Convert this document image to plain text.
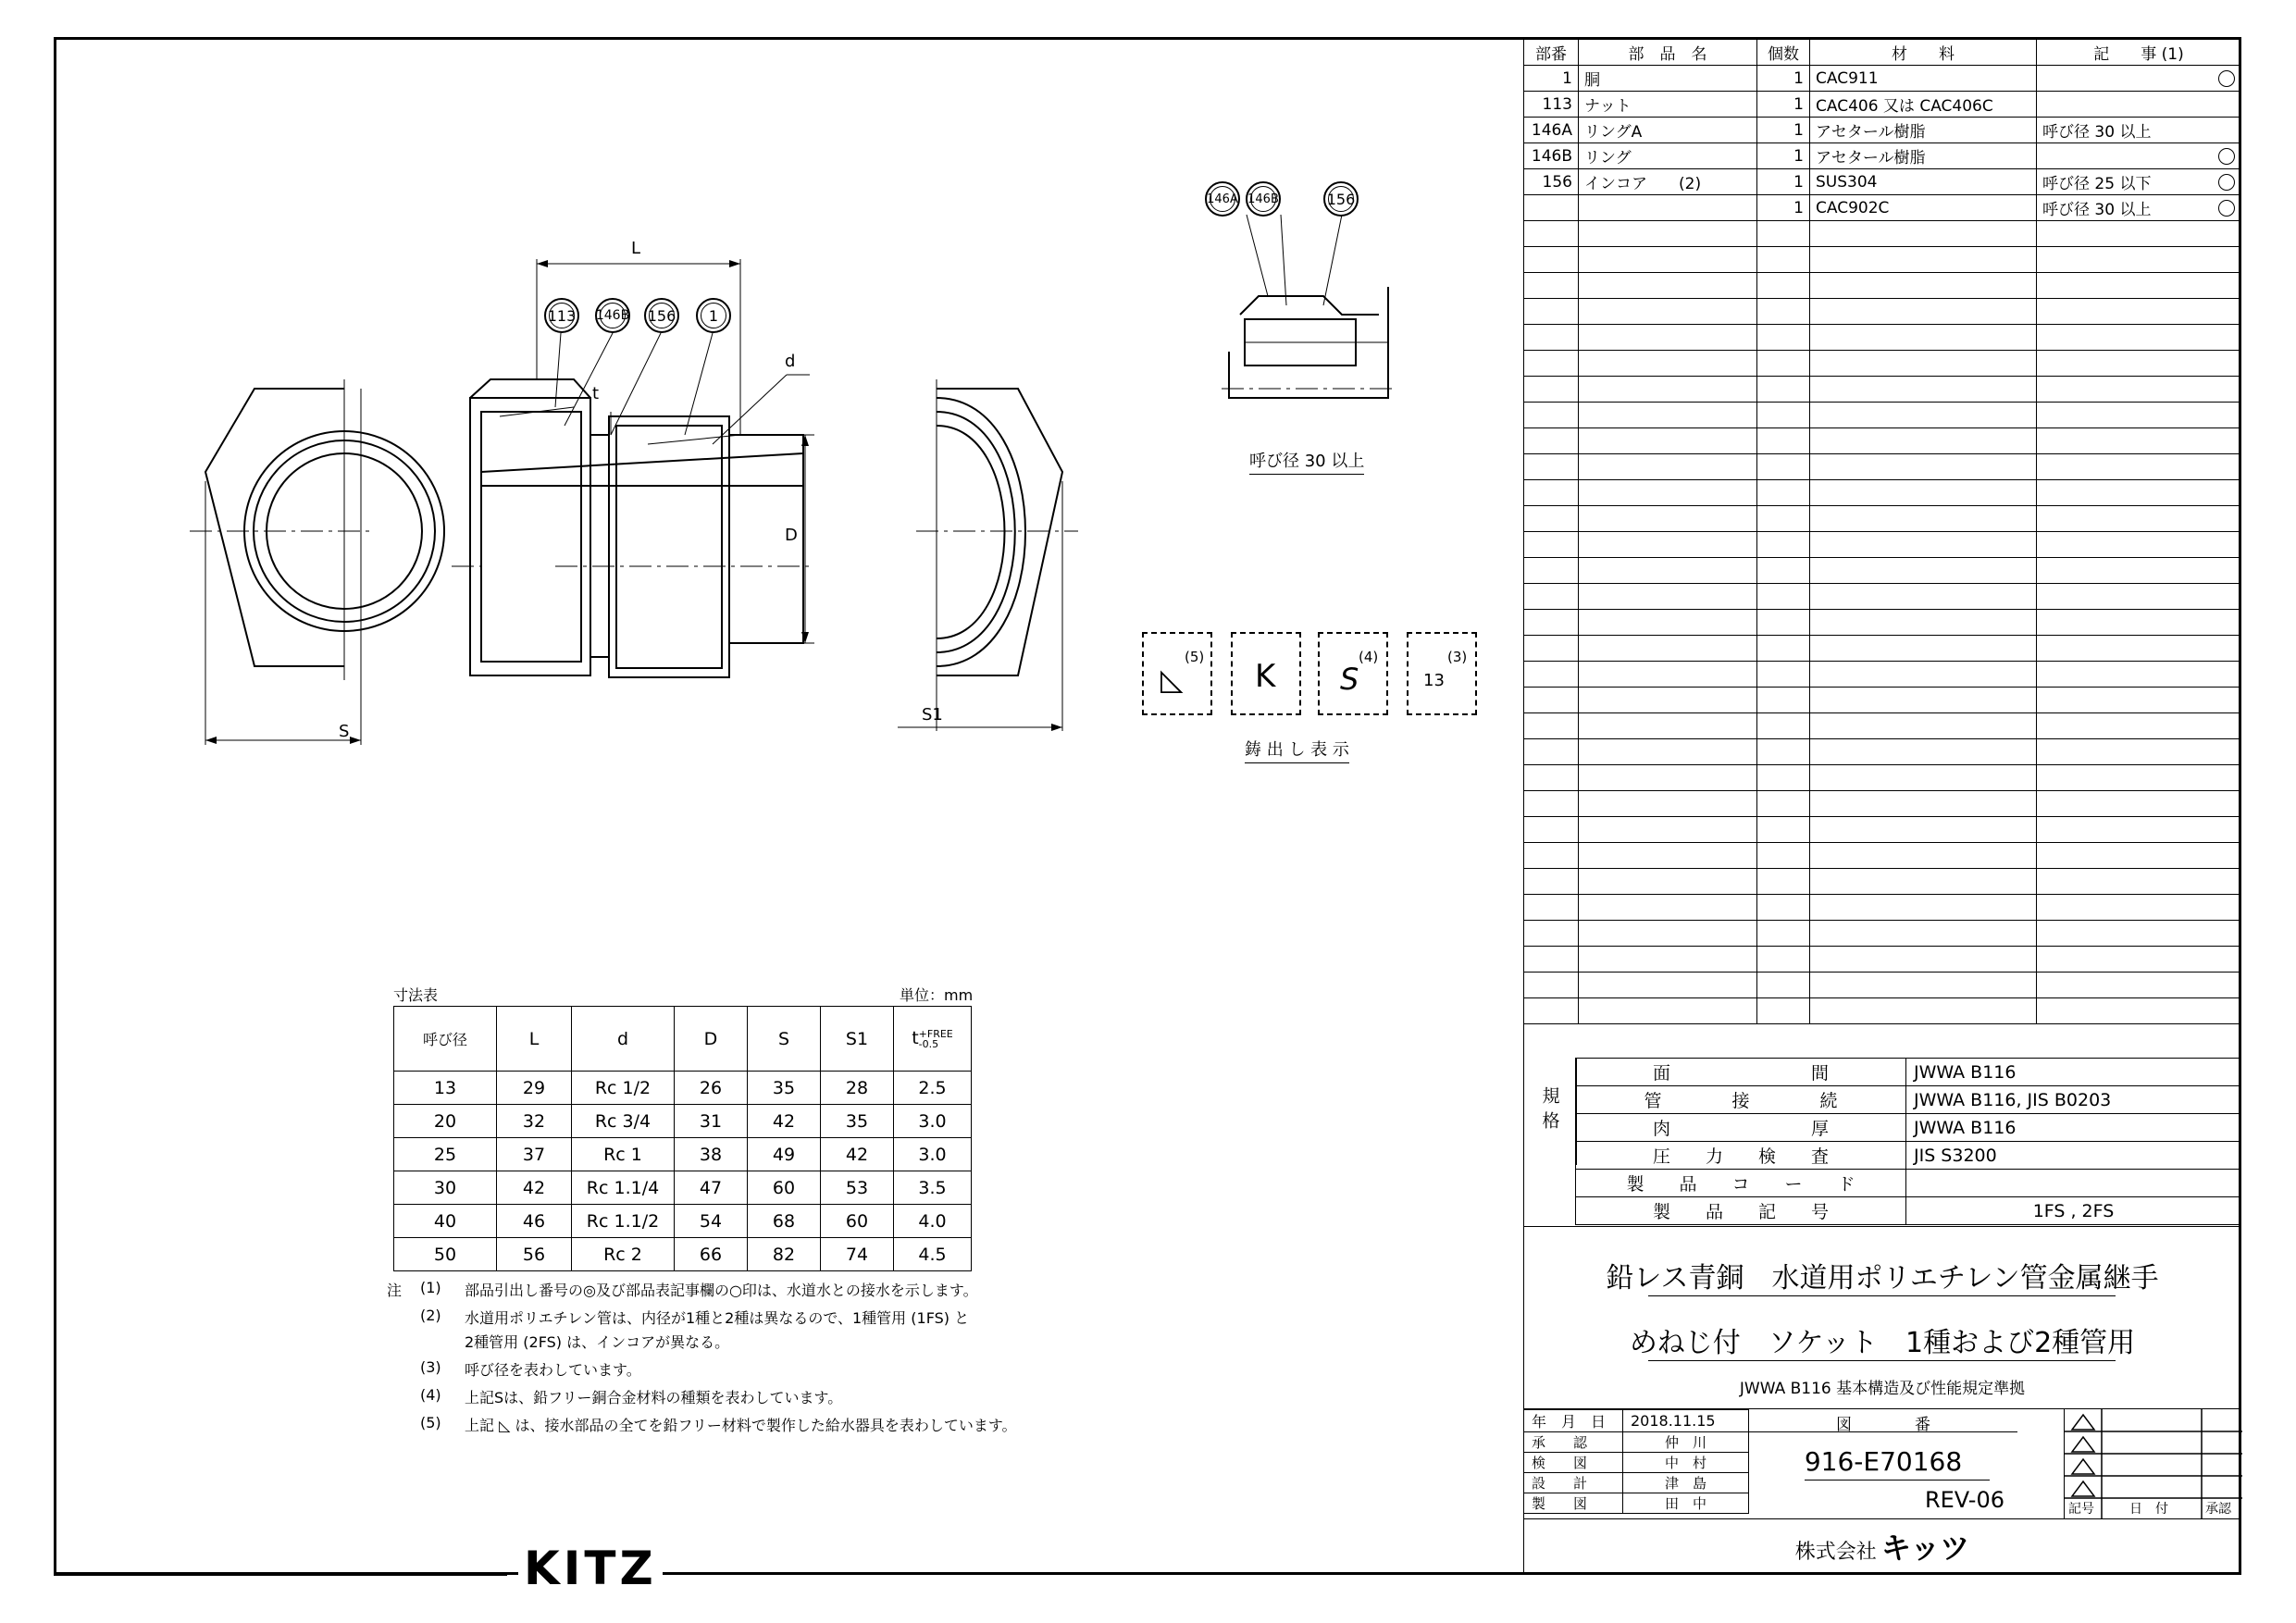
部番	部　品　名	個数	材　　料	記　　事 (1)
1	胴	1	CAC911	

113	ナット	1	CAC406 又は CAC406C	
146A	リングA	1	アセタール樹脂	呼び径 30 以上
146B	リング	1	アセタール樹脂	

156	インコア　　(2)	1	SUS304	呼び径 25 以下
		1	CAC902C	呼び径 30 以上

規格
面　　　　　　　　間	JWWA B116
管　　　　接　　　　続	JWWA B116, JIS B0203
肉　　　　　　　　厚	JWWA B116
圧　　力　　検　　査	JIS S3200
製　　品　　コ　　ー　　ド	
製　　品　　記　　号	1FS , 2FS
鉛レス青銅　水道用ポリエチレン管金属継手
めねじ付　ソケット　1種および2種管用
JWWA B116 基本構造及び性能規定準拠
年　月　日	2018.11.15
承　　認	仲　川
検　　図	中　村
設　　計	津　島
製　　図	田　中
図　　　　番
916-E70168
REV-06	記号	日　付	承認
株式会社 キッツ
KITZ
L
d
t
D
S
S1
113 146B 156	1
146A 146B	156
呼び径 30 以上
(5)
◺ K
(4)
S
(3)
13
鋳 出 し 表 示
寸法表	単位：mm
呼び径	L	d	D	S	S1	t+FREE
-0.5
13	29	Rc 1/2	26	35	28	2.5
20	32	Rc 3/4	31	42	35	3.0
25	37	Rc 1	38	49	42	3.0
30	42	Rc 1.1/4	47	60	53	3.5
40	46	Rc 1.1/2	54	68	60	4.0
50	56	Rc 2	66	82	74	4.5
注 (1) 部品引出し番号の◎及び部品表記事欄の○印は、水道水との接水を示します。
(2) 水道用ポリエチレン管は、内径が1種と2種は異なるので、1種管用 (1FS) と
2種管用 (2FS) は、インコアが異なる。
(3) 呼び径を表わしています。
(4) 上記Sは、鉛フリー銅合金材料の種類を表わしています。
(5) 上記 ◺ は、接水部品の全てを鉛フリー材料で製作した給水器具を表わしています。
